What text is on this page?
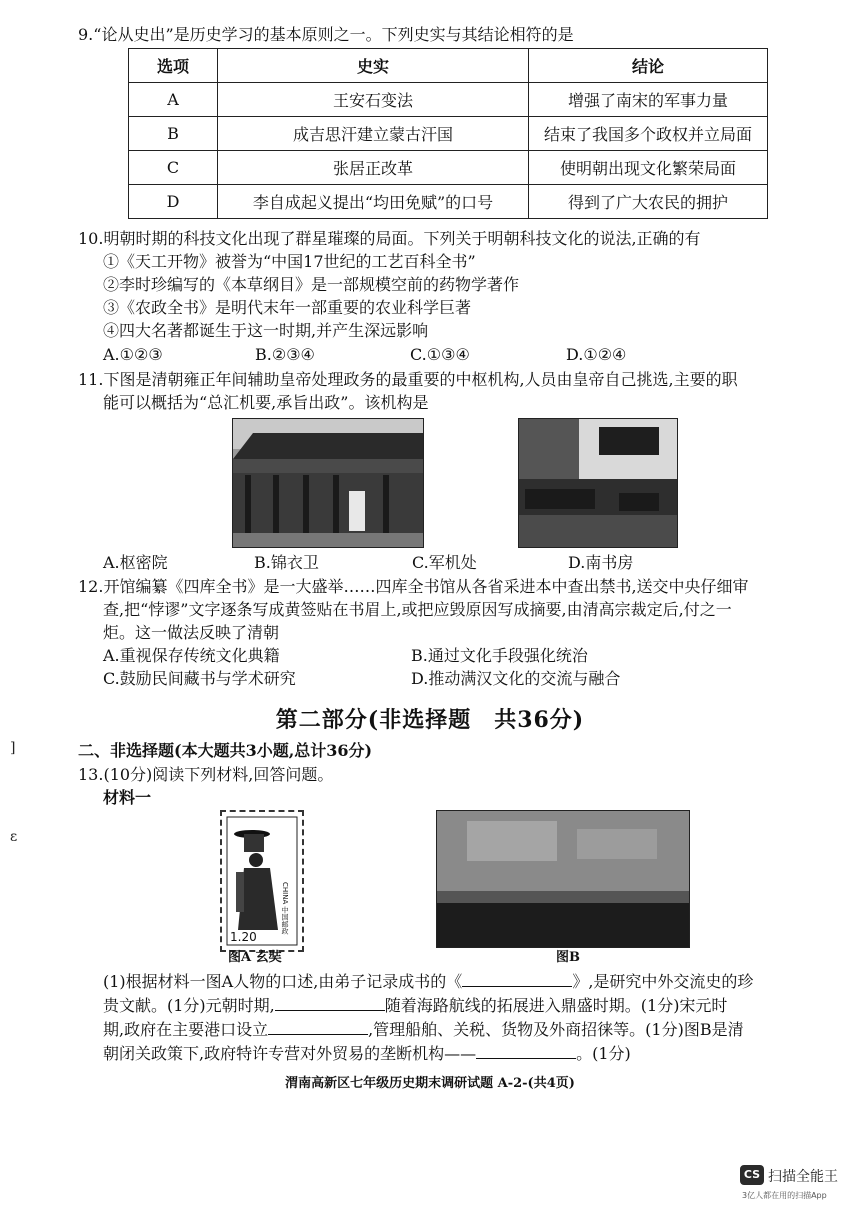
9.“论从史出”是历史学习的基本原则之一。下列史实与其结论相符的是
选项	史实	结论
A	王安石变法	增强了南宋的军事力量
B	成吉思汗建立蒙古汗国	结束了我国多个政权并立局面
C	张居正改革	使明朝出现文化繁荣局面
D	李自成起义提出“均田免赋”的口号	得到了广大农民的拥护
10.明朝时期的科技文化出现了群星璀璨的局面。下列关于明朝科技文化的说法,正确的有
①《天工开物》被誉为“中国17世纪的工艺百科全书”
②李时珍编写的《本草纲目》是一部规模空前的药物学著作
③《农政全书》是明代末年一部重要的农业科学巨著
④四大名著都诞生于这一时期,并产生深远影响
A.①②③	B.②③④	C.①③④	D.①②④
11.下图是清朝雍正年间辅助皇帝处理政务的最重要的中枢机构,人员由皇帝自己挑选,主要的职
能可以概括为“总汇机要,承旨出政”。该机构是
A.枢密院	B.锦衣卫	C.军机处	D.南书房
12.开馆编纂《四库全书》是一大盛举……四库全书馆从各省采进本中查出禁书,送交中央仔细审
查,把“悖谬”文字逐条写成黄签贴在书眉上,或把应毁原因写成摘要,由清高宗裁定后,付之一
炬。这一做法反映了清朝
A.重视保存传统文化典籍	B.通过文化手段强化统治
C.鼓励民间藏书与学术研究	D.推动满汉文化的交流与融合
第二部分(非选择题　共36分)
二、非选择题(本大题共3小题,总计36分)
13.(10分)阅读下列材料,回答问题。
材料一
1.20
CHINA 中国邮政
图A 玄奘	图B
(1)根据材料一图A人物的口述,由弟子记录成书的《	》,是研究中外交流史的珍
贵文献。(1分)元朝时期,	随着海路航线的拓展进入鼎盛时期。(1分)宋元时
期,政府在主要港口设立	,管理船舶、关税、货物及外商招徕等。(1分)图B是清
朝闭关政策下,政府特许专营对外贸易的垄断机构——	。(1分)
渭南高新区七年级历史期末调研试题 A-2-(共4页)
]
ɛ
CS 扫描全能王
3亿人都在用的扫描App
